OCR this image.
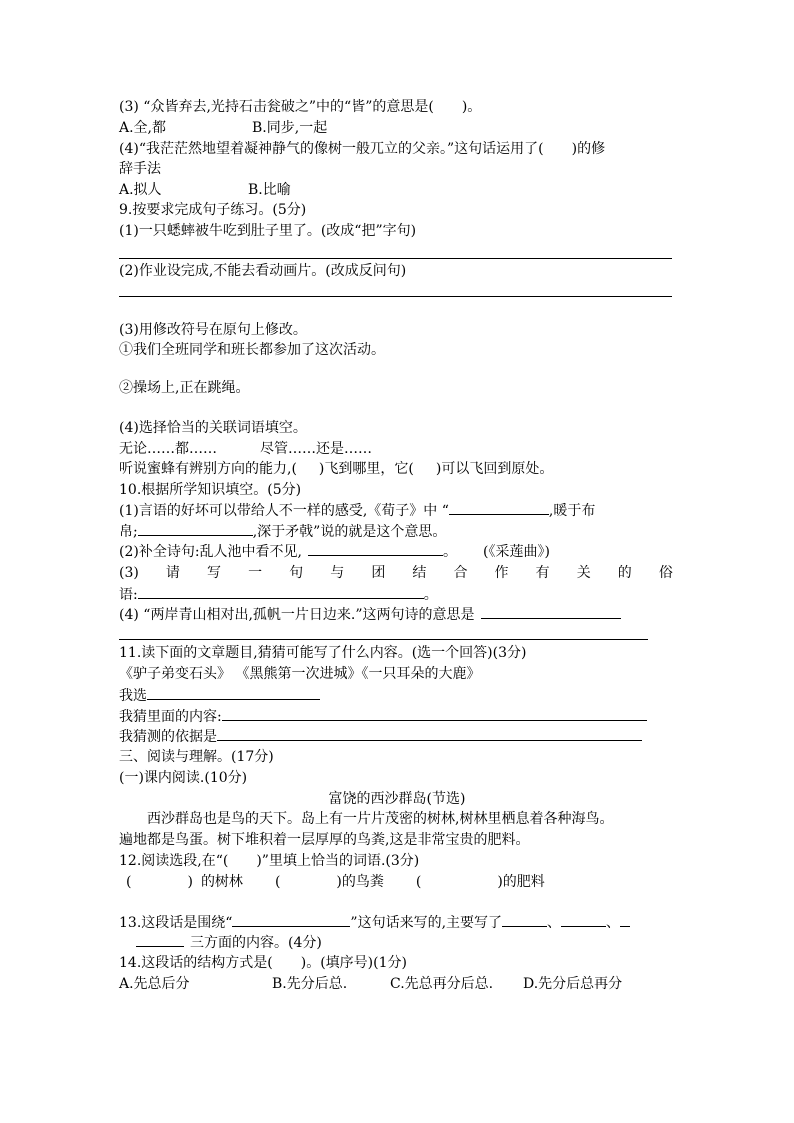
(3) “众皆弃去,光持石击瓮破之”中的“皆”的意思是(　　)。
A.全,都	B.同步,一起
(4)“我茫茫然地望着凝神静气的像树一般兀立的父亲。”这句话运用了(　　)的修
辞手法
A.拟人	B.比喻
9.按要求完成句子练习。(5分)
(1)一只蟋蟀被牛吃到肚子里了。(改成“把”字句)
(2)作业设完成,不能去看动画片。(改成反问句)
(3)用修改符号在原句上修改。
①我们全班同学和班长都参加了这次活动。
②操场上,正在跳绳。
(4)选择恰当的关联词语填空。
无论……都……	尽管……还是……
听说蜜蜂有辨别方向的能力,( )飞到哪里，它( )可以飞回到原处。
10.根据所学知识填空。(5分)
(1)言语的好坏可以带给人不一样的感受,《荀子》中 “	,暖于布
帛;	,深于矛戟”说的就是这个意思。
(2)补全诗句:乱人池中看不见,	。 (《采莲曲》)
(3) 请 写 一 句 与 团 结 合 作 有 关 的 俗
语:	。
(4) “两岸青山相对出,孤帆一片日边来.”这两句诗的意思是
11.读下面的文章题目,猜猜可能写了什么内容。(选一个回答)(3分)
《驴子弟变石头》 《黑熊第一次进城》《一只耳朵的大鹿》
我选
我猜里面的内容:
我猜测的依据是
三、阅读与理解。(17分)
(一)课内阅读.(10分)
富饶的西沙群岛(节选)
西沙群岛也是鸟的天下。岛上有一片片茂密的树林,树林里栖息着各种海鸟。
遍地都是鸟蛋。树下堆积着一层厚厚的鸟粪,这是非常宝贵的肥料。
12.阅读选段,在“(　　)”里填上恰当的词语.(3分)
(	) 的树林 (	)的鸟粪 (	)的肥料
13.这段话是围绕“	”这句话来写的,主要写了	、	、
三方面的内容。(4分)
14.这段话的结构方式是(　　)。(填序号)(1分)
A.先总后分	B.先分后总.	C.先总再分后总. D.先分后总再分
